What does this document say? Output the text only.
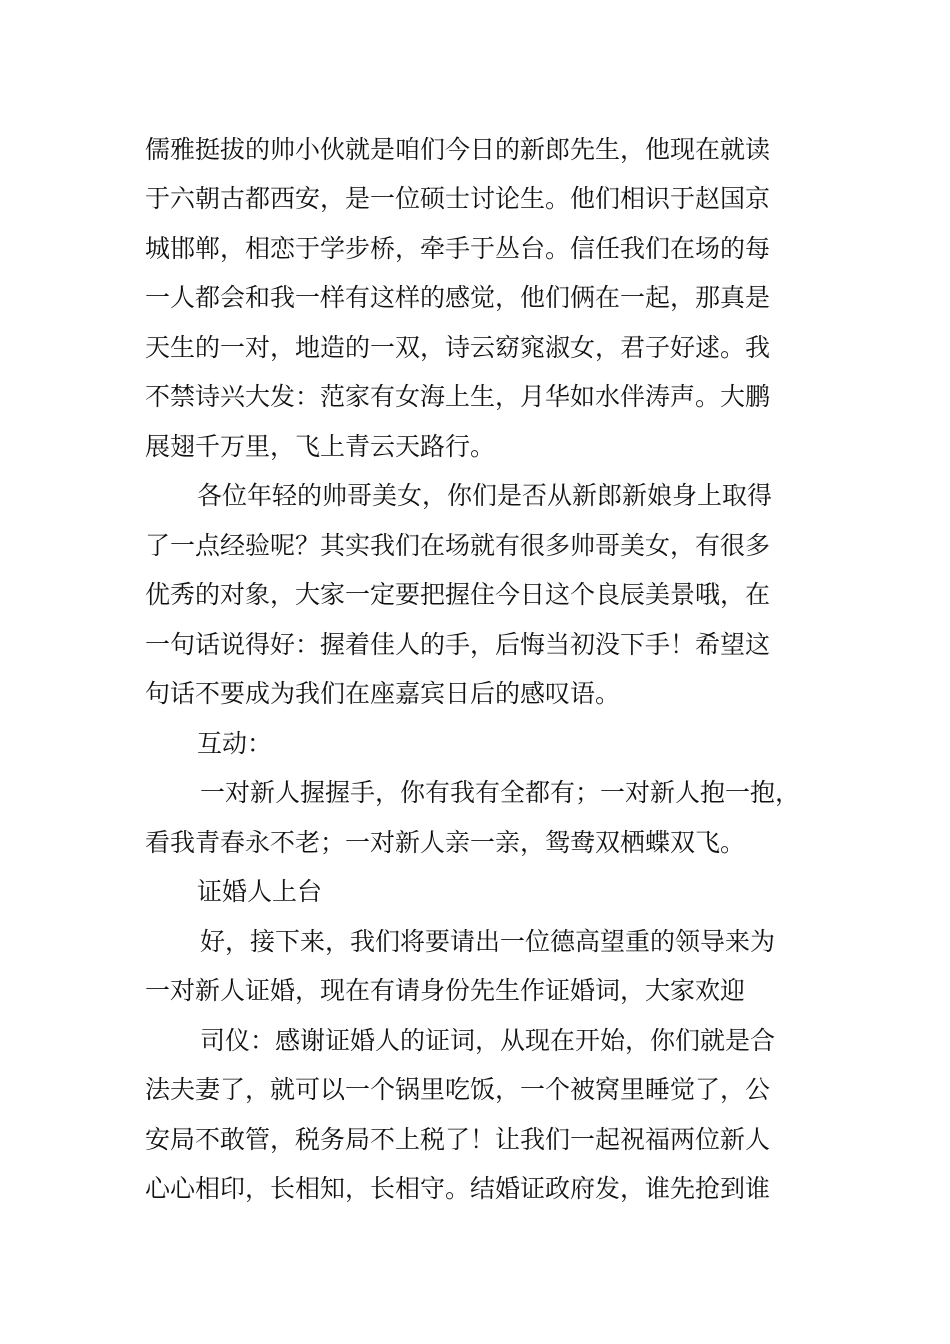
儒雅挺拔的帅小伙就是咱们今日的新郎先生，他现在就读
于六朝古都西安，是一位硕士讨论生。他们相识于赵国京
城邯郸，相恋于学步桥，牵手于丛台。信任我们在场的每
一人都会和我一样有这样的感觉，他们俩在一起，那真是
天生的一对，地造的一双，诗云窈窕淑女，君子好逑。我
不禁诗兴大发：范家有女海上生，月华如水伴涛声。大鹏
展翅千万里，飞上青云天路行。
各位年轻的帅哥美女，你们是否从新郎新娘身上取得
了一点经验呢？其实我们在场就有很多帅哥美女，有很多
优秀的对象，大家一定要把握住今日这个良辰美景哦，在
一句话说得好：握着佳人的手，后悔当初没下手！希望这
句话不要成为我们在座嘉宾日后的感叹语。
互动：
一对新人握握手，你有我有全都有；一对新人抱一抱，
看我青春永不老；一对新人亲一亲，鸳鸯双栖蝶双飞。
证婚人上台
好，接下来，我们将要请出一位德高望重的领导来为
一对新人证婚，现在有请身份先生作证婚词，大家欢迎
司仪：感谢证婚人的证词，从现在开始，你们就是合
法夫妻了，就可以一个锅里吃饭，一个被窝里睡觉了，公
安局不敢管，税务局不上税了！让我们一起祝福两位新人
心心相印，长相知，长相守。结婚证政府发，谁先抢到谁
